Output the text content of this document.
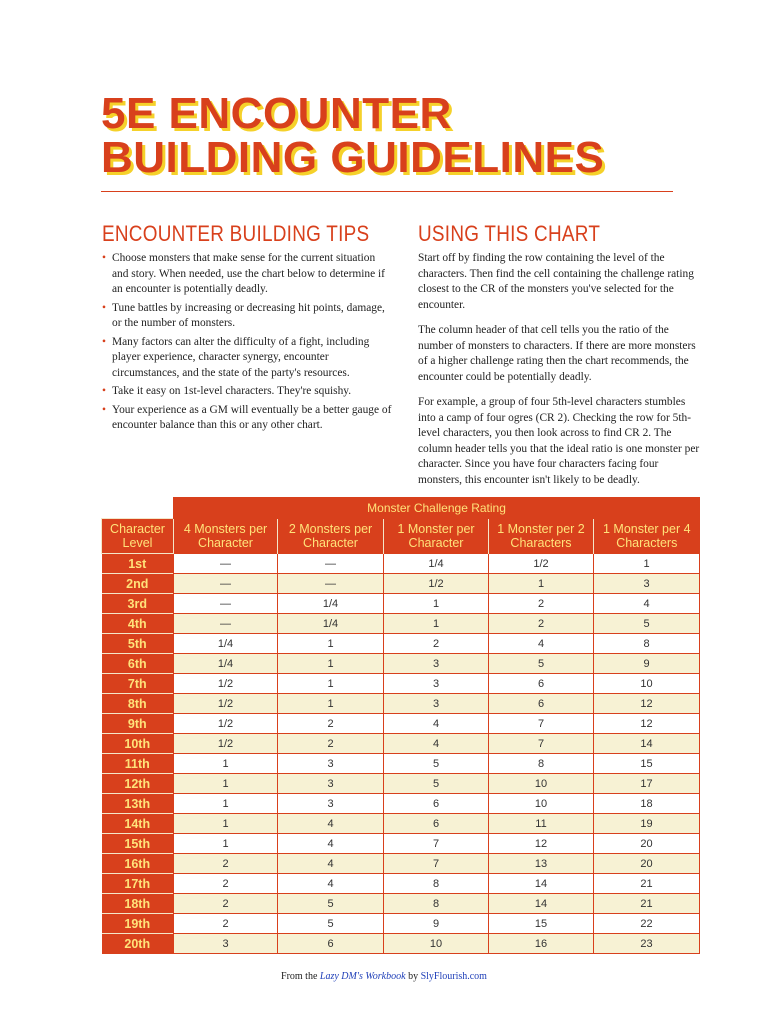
5E ENCOUNTER
BUILDING GUIDELINES
ENCOUNTER BUILDING TIPS
• Choose monsters that make sense for the current situation and story. When needed, use the chart below to determine if an encounter is potentially deadly.
• Tune battles by increasing or decreasing hit points, damage, or the number of monsters.
• Many factors can alter the difficulty of a fight, including player experience, character synergy, encounter circumstances, and the state of the party's resources.
• Take it easy on 1st-level characters. They're squishy.
• Your experience as a GM will eventually be a better gauge of encounter balance than this or any other chart.
USING THIS CHART

Start off by finding the row containing the level of the characters. Then find the cell containing the challenge rating closest to the CR of the monsters you've selected for the encounter.

The column header of that cell tells you the ratio of the number of monsters to characters. If there are more monsters of a higher challenge rating then the chart recommends, the encounter could be potentially deadly.

For example, a group of four 5th-level characters stumbles into a camp of four ogres (CR 2). Checking the row for 5th-level characters, you then look across to find CR 2. The column header tells you that the ideal ratio is one monster per character. Since you have four characters facing four monsters, this encounter isn't likely to be deadly.

	Monster Challenge Rating				
Character Level	4 Monsters per Character	2 Monsters per Character	1 Monster per Character	1 Monster per 2 Characters	1 Monster per 4 Characters
1st	—	—	1/4	1/2	1
2nd	—	—	1/2	1	3
3rd	—	1/4	1	2	4
4th	—	1/4	1	2	5
5th	1/4	1	2	4	8
6th	1/4	1	3	5	9
7th	1/2	1	3	6	10
8th	1/2	1	3	6	12
9th	1/2	2	4	7	12
10th	1/2	2	4	7	14
11th	1	3	5	8	15
12th	1	3	5	10	17
13th	1	3	6	10	18
14th	1	4	6	11	19
15th	1	4	7	12	20
16th	2	4	7	13	20
17th	2	4	8	14	21
18th	2	5	8	14	21
19th	2	5	9	15	22
20th	3	6	10	16	23
From the Lazy DM's Workbook by SlyFlourish.com
